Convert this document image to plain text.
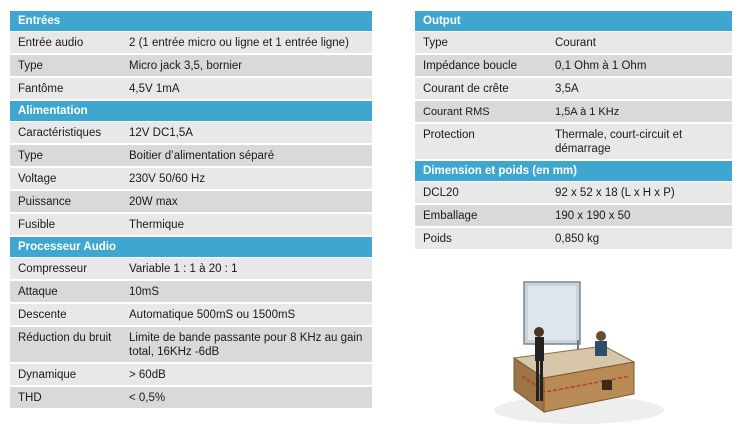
Entrées	
Entrée audio	2 (1 entrée micro ou ligne et 1 entrée ligne)
Type	Micro jack 3,5, bornier
Fantôme	4,5V 1mA
Alimentation	
Caractéristiques	12V DC1,5A
Type	Boitier d’alimentation séparé
Voltage	230V 50/60 Hz
Puissance	20W max
Fusible	Thermique
Processeur Audio	
Compresseur	Variable 1 : 1 à 20 : 1
Attaque	10mS
Descente	Automatique 500mS ou 1500mS
Réduction du bruit	Limite de bande passante pour 8 KHz au gain total, 16KHz -6dB
Dynamique	> 60dB
THD	< 0,5%
Output	
Type	Courant
Impédance boucle	0,1 Ohm à 1 Ohm
Courant de crête	3,5A
Courant RMS	1,5A à 1 KHz
Protection	Thermale, court-circuit et démarrage
Dimension et poids (en mm)	
DCL20	92 x 52 x 18 (L x H x P)
Emballage	190 x 190 x 50
Poids	0,850 kg
